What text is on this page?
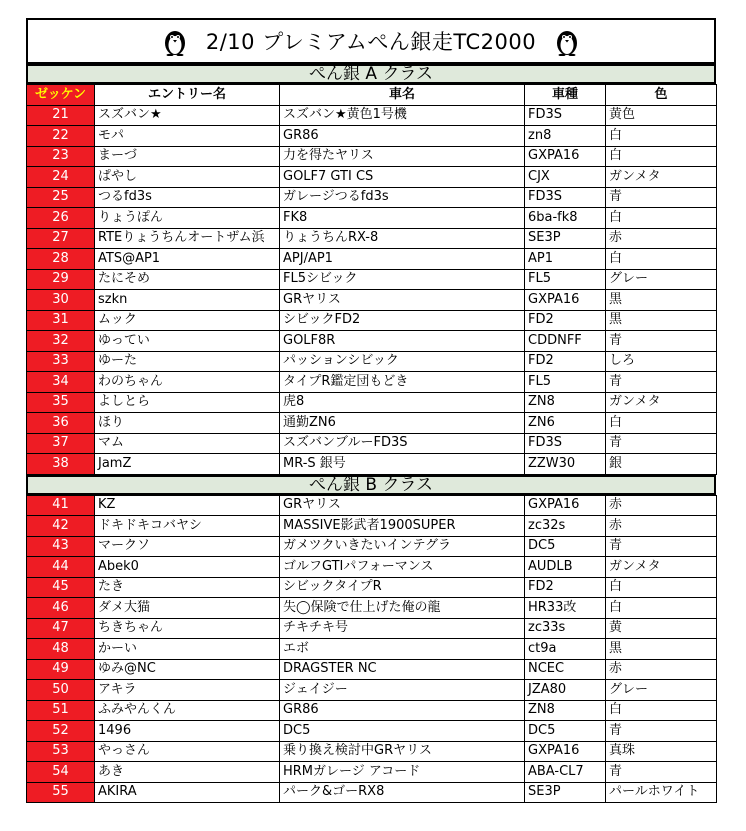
2/10 プレミアムぺん銀走TC2000
ぺん銀 A クラス
ゼッケン	エントリー名	車名	車種	色
21	スズバン★	スズバン★黄色1号機	FD3S	黄色
22	モパ	GR86	zn8	白
23	まーづ	力を得たヤリス	GXPA16	白
24	ぱやし	GOLF7 GTI CS	CJX	ガンメタ
25	つるfd3s	ガレージつるfd3s	FD3S	青
26	りょうぽん	FK8	6ba-fk8	白
27	RTEりょうちんオートザム浜	りょうちんRX-8	SE3P	赤
28	ATS@AP1	APJ/AP1	AP1	白
29	たにそめ	FL5シビック	FL5	グレー
30	szkn	GRヤリス	GXPA16	黒
31	ムック	シビックFD2	FD2	黒
32	ゆってい	GOLF8R	CDDNFF	青
33	ゆーた	パッションシビック	FD2	しろ
34	わのちゃん	タイプR鑑定団もどき	FL5	青
35	よしとら	虎8	ZN8	ガンメタ
36	ほり	通勤ZN6	ZN6	白
37	マム	スズバンブルーFD3S	FD3S	青
38	JamZ	MR-S 銀号	ZZW30	銀
ぺん銀 B クラス
41	KZ	GRヤリス	GXPA16	赤
42	ドキドキコバヤシ	MASSIVE影武者1900SUPER	zc32s	赤
43	マークソ	ガメツクいきたいインテグラ	DC5	青
44	Abek0	ゴルフGTIパフォーマンス	AUDLB	ガンメタ
45	たき	シビックタイプR	FD2	白
46	ダメ大猫	失◯保険で仕上げた俺の龍	HR33改	白
47	ちきちゃん	チキチキ号	zc33s	黄
48	かーい	エボ	ct9a	黒
49	ゆみ@NC	DRAGSTER NC	NCEC	赤
50	アキラ	ジェイジー	JZA80	グレー
51	ふみやんくん	GR86	ZN8	白
52	1496	DC5	DC5	青
53	やっさん	乗り換え検討中GRヤリス	GXPA16	真珠
54	あき	HRMガレージ アコード	ABA-CL7	青
55	AKIRA	パーク&ゴーRX8	SE3P	パールホワイト
